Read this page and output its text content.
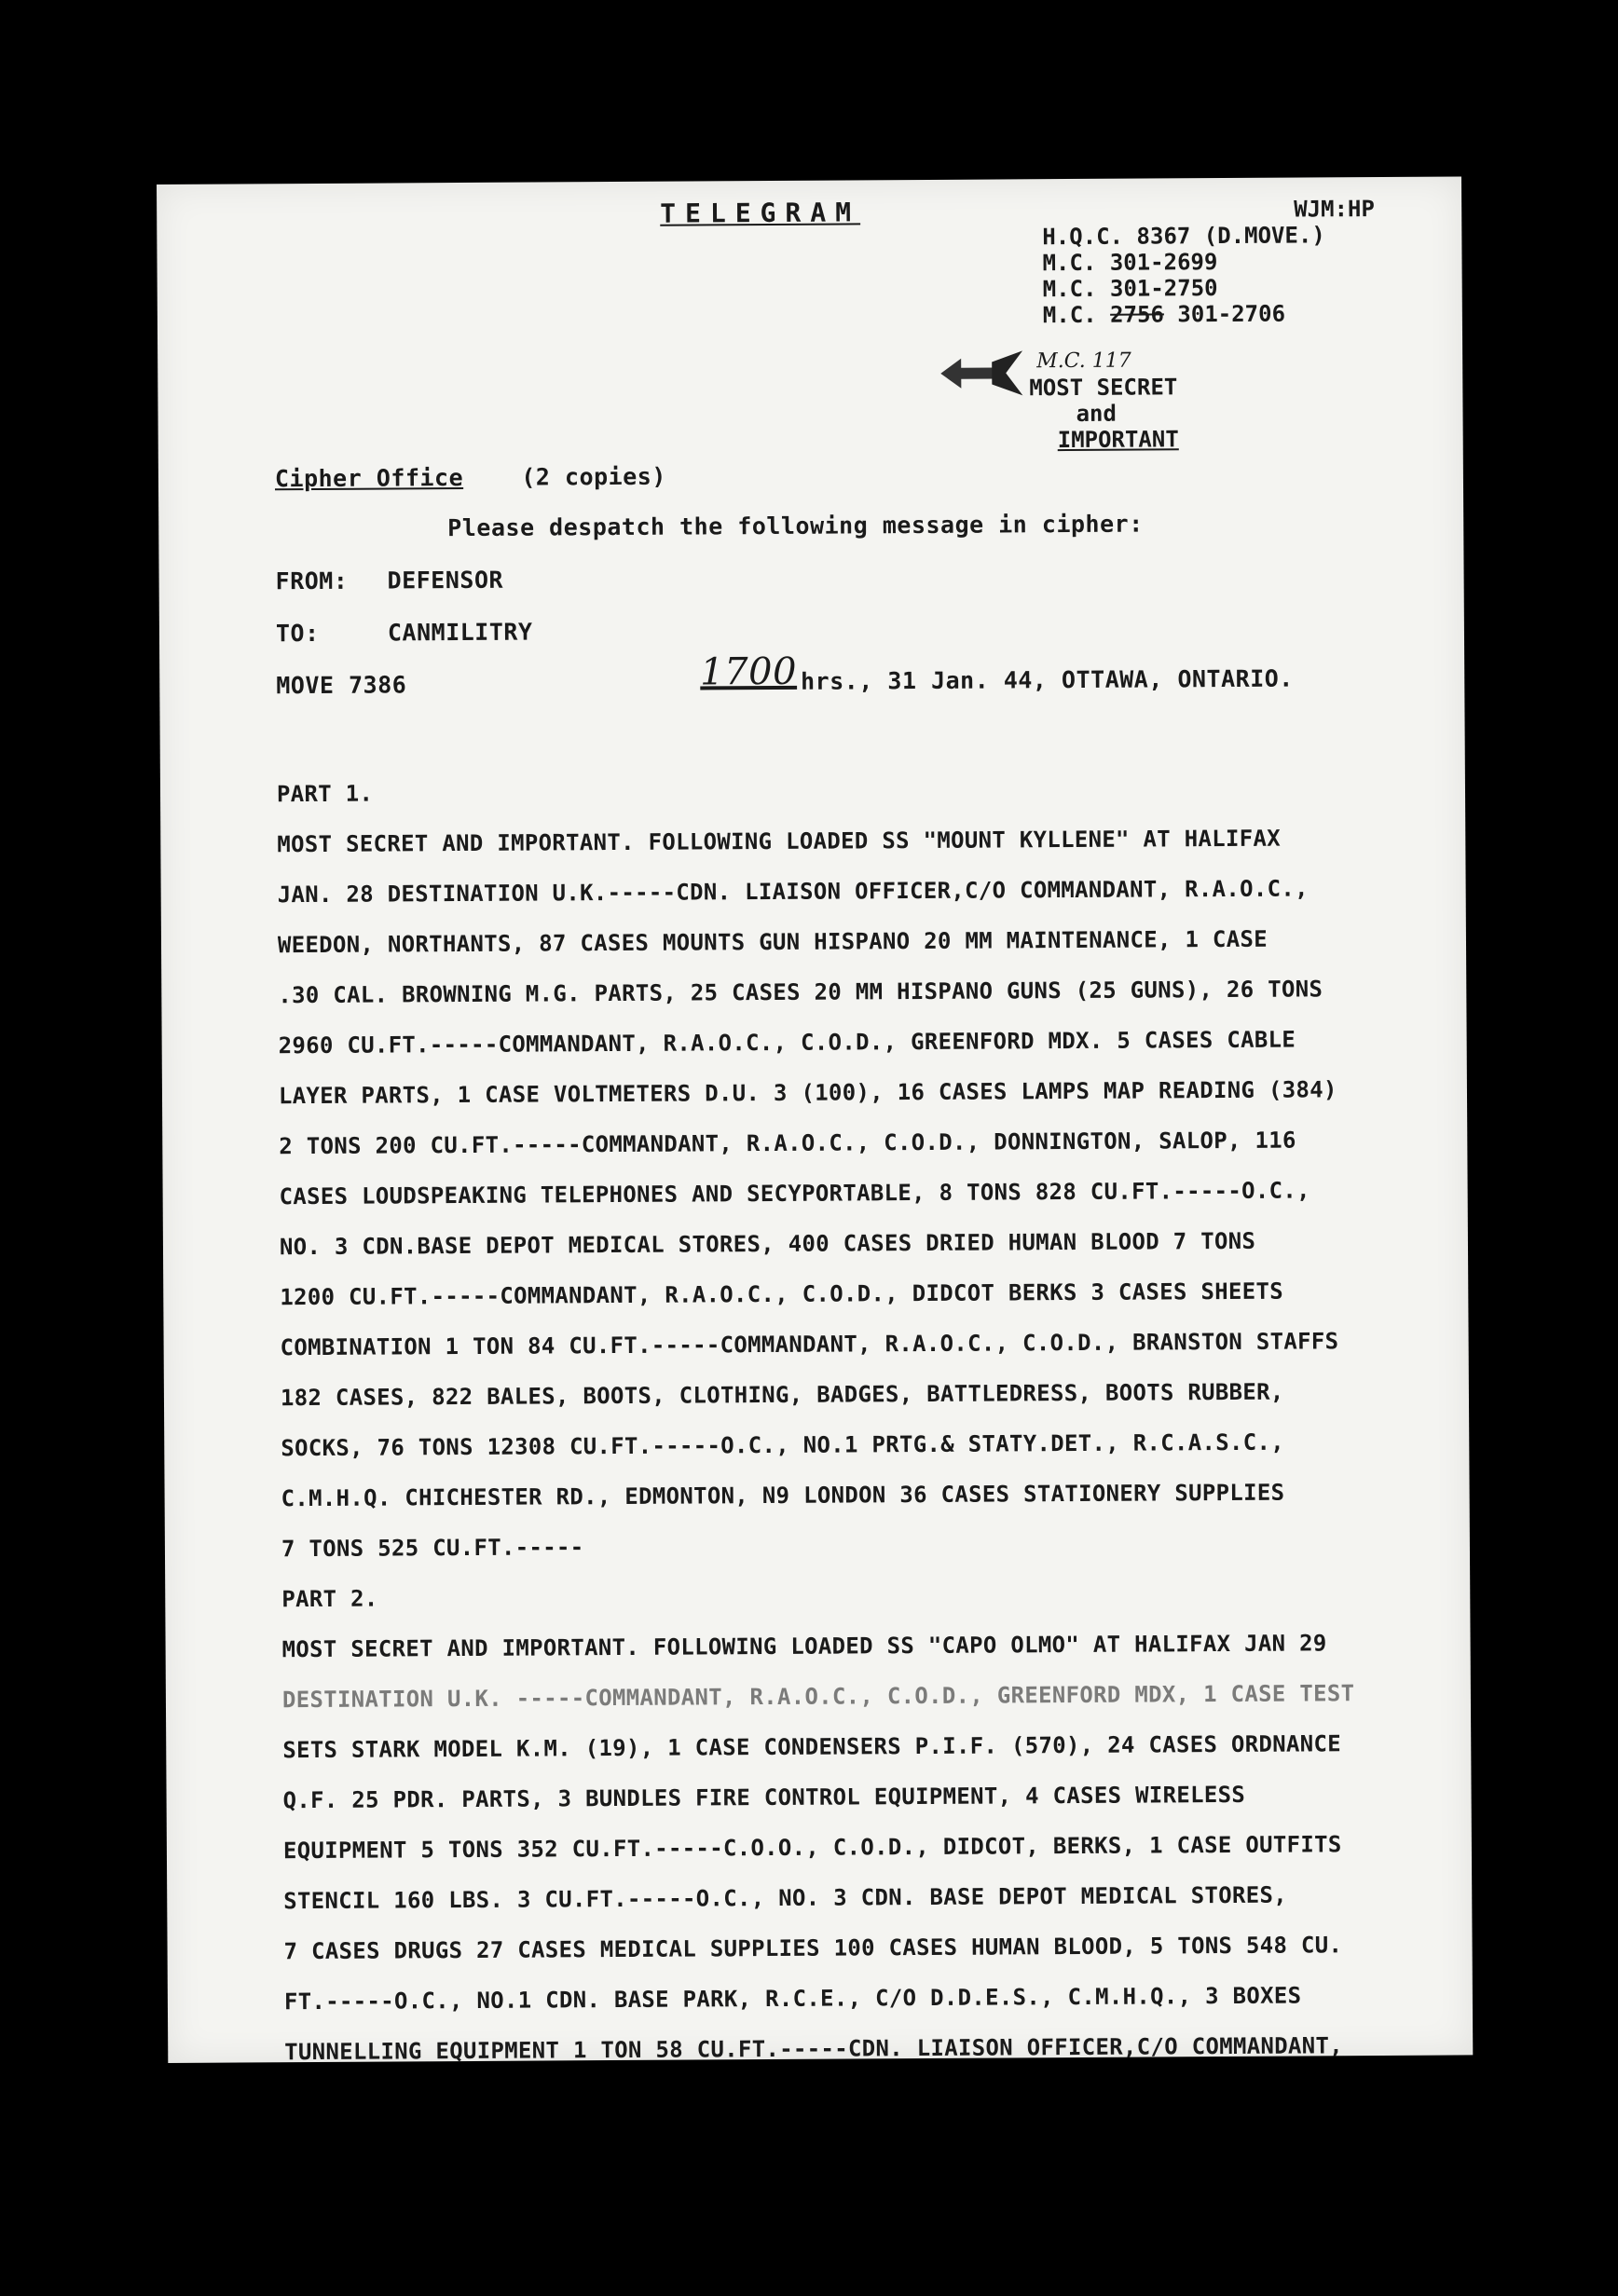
TELEGRAM	WJM:HP
H.Q.C. 8367 (D.MOVE.)
M.C. 301-2699
M.C. 301-2750
M.C. 2756 301-2706
M.C. 117
MOST SECRET
and
IMPORTANT
Cipher Office (2 copies)
Please despatch the following message in cipher:
FROM: DEFENSOR
TO:	CANMILITRY
MOVE 7386	1700 hrs., 31 Jan. 44, OTTAWA, ONTARIO.
PART 1.
MOST SECRET AND IMPORTANT. FOLLOWING LOADED SS "MOUNT KYLLENE" AT HALIFAX
JAN. 28 DESTINATION U.K.-----CDN. LIAISON OFFICER,C/O COMMANDANT, R.A.O.C.,
WEEDON, NORTHANTS, 87 CASES MOUNTS GUN HISPANO 20 MM MAINTENANCE, 1 CASE
.30 CAL. BROWNING M.G. PARTS, 25 CASES 20 MM HISPANO GUNS (25 GUNS), 26 TONS
2960 CU.FT.-----COMMANDANT, R.A.O.C., C.O.D., GREENFORD MDX. 5 CASES CABLE
LAYER PARTS, 1 CASE VOLTMETERS D.U. 3 (100), 16 CASES LAMPS MAP READING (384)
2 TONS 200 CU.FT.-----COMMANDANT, R.A.O.C., C.O.D., DONNINGTON, SALOP, 116
CASES LOUDSPEAKING TELEPHONES AND SECYPORTABLE, 8 TONS 828 CU.FT.-----O.C.,
NO. 3 CDN.BASE DEPOT MEDICAL STORES, 400 CASES DRIED HUMAN BLOOD 7 TONS
1200 CU.FT.-----COMMANDANT, R.A.O.C., C.O.D., DIDCOT BERKS 3 CASES SHEETS
COMBINATION 1 TON 84 CU.FT.-----COMMANDANT, R.A.O.C., C.O.D., BRANSTON STAFFS
182 CASES, 822 BALES, BOOTS, CLOTHING, BADGES, BATTLEDRESS, BOOTS RUBBER,
SOCKS, 76 TONS 12308 CU.FT.-----O.C., NO.1 PRTG.& STATY.DET., R.C.A.S.C.,
C.M.H.Q. CHICHESTER RD., EDMONTON, N9 LONDON 36 CASES STATIONERY SUPPLIES
7 TONS 525 CU.FT.-----
PART 2.
MOST SECRET AND IMPORTANT. FOLLOWING LOADED SS "CAPO OLMO" AT HALIFAX JAN 29
DESTINATION U.K. -----COMMANDANT, R.A.O.C., C.O.D., GREENFORD MDX, 1 CASE TEST
SETS STARK MODEL K.M. (19), 1 CASE CONDENSERS P.I.F. (570), 24 CASES ORDNANCE
Q.F. 25 PDR. PARTS, 3 BUNDLES FIRE CONTROL EQUIPMENT, 4 CASES WIRELESS
EQUIPMENT 5 TONS 352 CU.FT.-----C.O.O., C.O.D., DIDCOT, BERKS, 1 CASE OUTFITS
STENCIL 160 LBS. 3 CU.FT.-----O.C., NO. 3 CDN. BASE DEPOT MEDICAL STORES,
7 CASES DRUGS 27 CASES MEDICAL SUPPLIES 100 CASES HUMAN BLOOD, 5 TONS 548 CU.
FT.-----O.C., NO.1 CDN. BASE PARK, R.C.E., C/O D.D.E.S., C.M.H.Q., 3 BOXES
TUNNELLING EQUIPMENT 1 TON 58 CU.FT.-----CDN. LIAISON OFFICER,C/O COMMANDANT,
